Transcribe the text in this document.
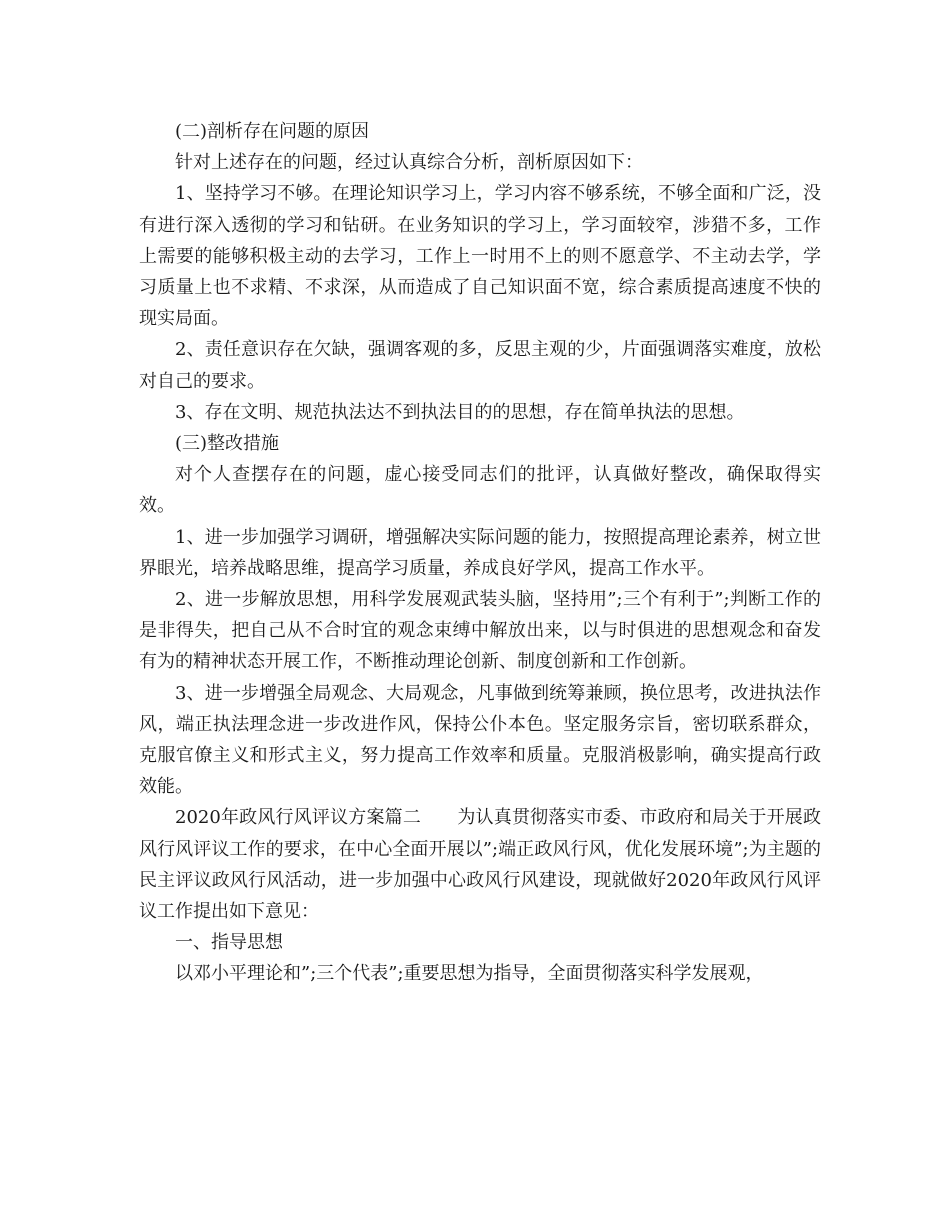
(二)剖析存在问题的原因

针对上述存在的问题，经过认真综合分析，剖析原因如下：

1、坚持学习不够。在理论知识学习上，学习内容不够系统，不够全面和广泛，没有进行深入透彻的学习和钻研。在业务知识的学习上，学习面较窄，涉猎不多，工作上需要的能够积极主动的去学习，工作上一时用不上的则不愿意学、不主动去学，学习质量上也不求精、不求深，从而造成了自己知识面不宽，综合素质提高速度不快的现实局面。

2、责任意识存在欠缺，强调客观的多，反思主观的少，片面强调落实难度，放松对自己的要求。

3、存在文明、规范执法达不到执法目的的思想，存在简单执法的思想。

(三)整改措施

对个人查摆存在的问题，虚心接受同志们的批评，认真做好整改，确保取得实效。

1、进一步加强学习调研，增强解决实际问题的能力，按照提高理论素养，树立世界眼光，培养战略思维，提高学习质量，养成良好学风，提高工作水平。

2、进一步解放思想，用科学发展观武装头脑，坚持用”;三个有利于”;判断工作的是非得失，把自己从不合时宜的观念束缚中解放出来，以与时俱进的思想观念和奋发有为的精神状态开展工作，不断推动理论创新、制度创新和工作创新。

3、进一步增强全局观念、大局观念，凡事做到统筹兼顾，换位思考，改进执法作风，端正执法理念进一步改进作风，保持公仆本色。坚定服务宗旨，密切联系群众，克服官僚主义和形式主义，努力提高工作效率和质量。克服消极影响，确实提高行政效能。

2020年政风行风评议方案篇二　　为认真贯彻落实市委、市政府和局关于开展政风行风评议工作的要求，在中心全面开展以”;端正政风行风，优化发展环境”;为主题的民主评议政风行风活动，进一步加强中心政风行风建设，现就做好2020年政风行风评议工作提出如下意见：

一、指导思想

以邓小平理论和”;三个代表”;重要思想为指导，全面贯彻落实科学发展观，
